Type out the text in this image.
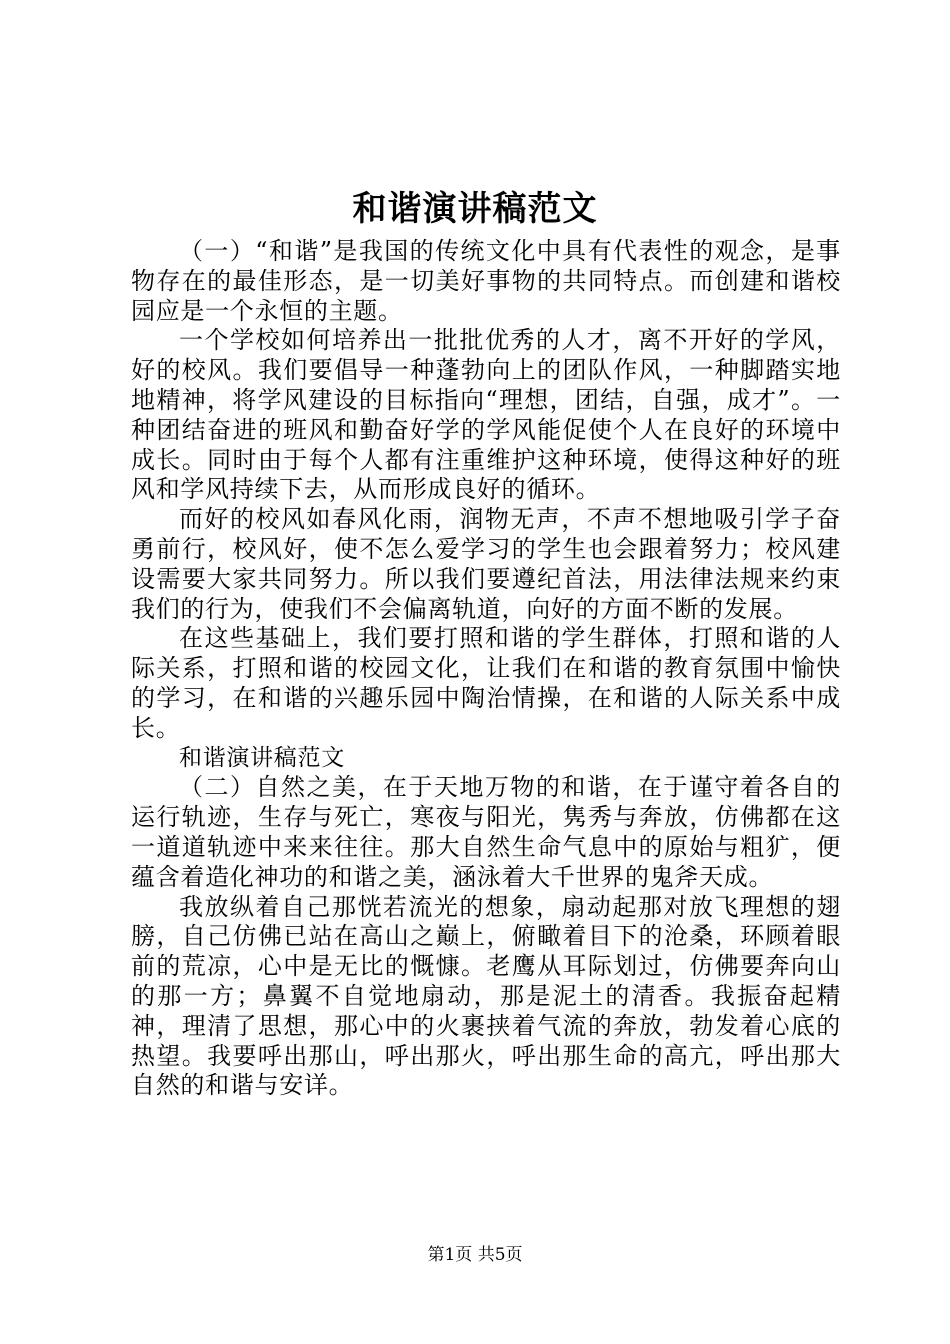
和谐演讲稿范文

（一）“和谐”是我国的传统文化中具有代表性的观念，是事物存在的最佳形态，是一切美好事物的共同特点。而创建和谐校园应是一个永恒的主题。

一个学校如何培养出一批批优秀的人才，离不开好的学风，好的校风。我们要倡导一种蓬勃向上的团队作风，一种脚踏实地地精神，将学风建设的目标指向“理想，团结，自强，成才”。一种团结奋进的班风和勤奋好学的学风能促使个人在良好的环境中成长。同时由于每个人都有注重维护这种环境，使得这种好的班风和学风持续下去，从而形成良好的循环。

而好的校风如春风化雨，润物无声，不声不想地吸引学子奋勇前行，校风好，使不怎么爱学习的学生也会跟着努力；校风建设需要大家共同努力。所以我们要遵纪首法，用法律法规来约束我们的行为，使我们不会偏离轨道，向好的方面不断的发展。

在这些基础上，我们要打照和谐的学生群体，打照和谐的人际关系，打照和谐的校园文化，让我们在和谐的教育氛围中愉快的学习，在和谐的兴趣乐园中陶治情操，在和谐的人际关系中成长。

和谐演讲稿范文

（二）自然之美，在于天地万物的和谐，在于谨守着各自的运行轨迹，生存与死亡，寒夜与阳光，隽秀与奔放，仿佛都在这一道道轨迹中来来往往。那大自然生命气息中的原始与粗犷，便蕴含着造化神功的和谐之美，涵泳着大千世界的鬼斧天成。

我放纵着自己那恍若流光的想象，扇动起那对放飞理想的翅膀，自己仿佛已站在高山之巅上，俯瞰着目下的沧桑，环顾着眼前的荒凉，心中是无比的慨慷。老鹰从耳际划过，仿佛要奔向山的那一方；鼻翼不自觉地扇动，那是泥土的清香。我振奋起精神，理清了思想，那心中的火裹挟着气流的奔放，勃发着心底的热望。我要呼出那山，呼出那火，呼出那生命的高亢，呼出那大自然的和谐与安详。

第1页 共5页
